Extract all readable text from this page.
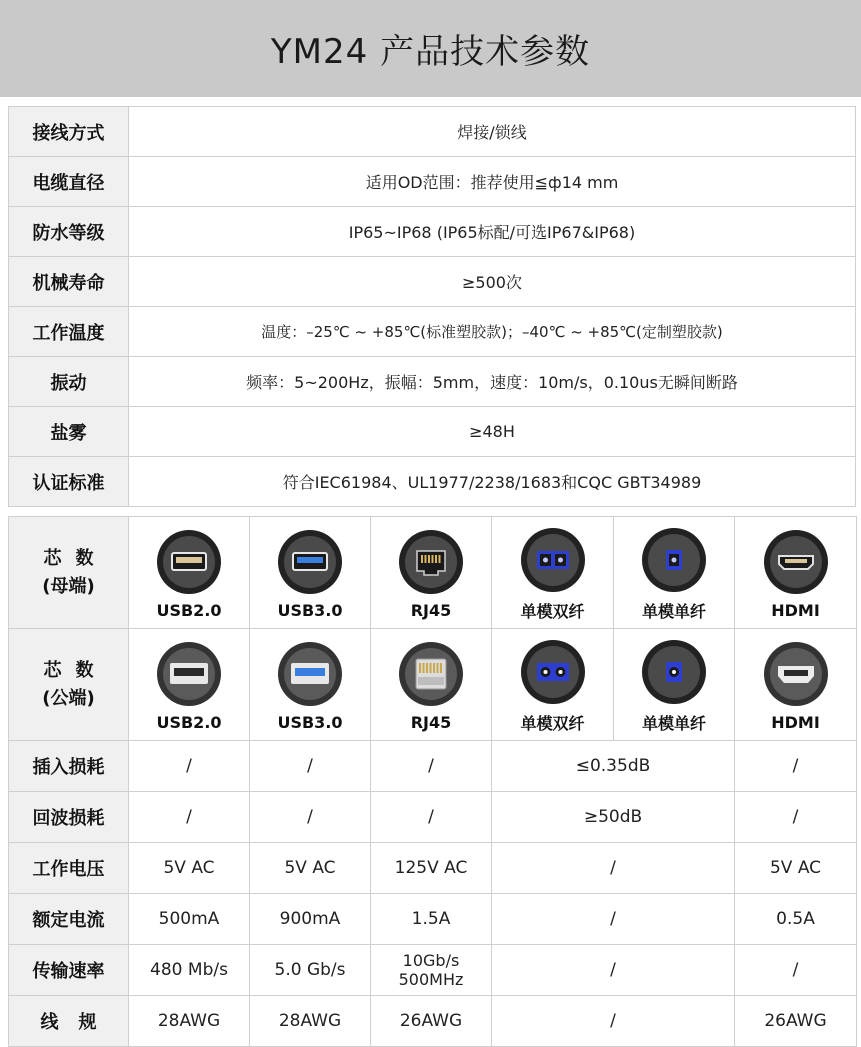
YM24 产品技术参数
接线方式	焊接/锁线
电缆直径	适用OD范围：推荐使用≦ф14 mm
防水等级	IP65~IP68 (IP65标配/可选IP67&IP68)
机械寿命	≥500次
工作温度	温度：–25℃ ~ +85℃(标准塑胶款)；–40℃ ~ +85℃(定制塑胶款)
振动	频率：5~200Hz，振幅：5mm，速度：10m/s，0.10us无瞬间断路
盐雾	≥48H
认证标准	符合IEC61984、UL1977/2238/1683和CQC GBT34989
芯数
(母端)	USB2.0	USB3.0	RJ45	单模双纤	单模单纤	HDMI

芯数
(公端)	USB2.0	USB3.0	RJ45	单模双纤	单模单纤	HDMI

插入损耗	/	/	/	≤0.35dB		/
回波损耗	/	/	/	≥50dB		/
工作电压	5V AC	5V AC	125V AC	/		5V AC
额定电流	500mA	900mA	1.5A	/		0.5A
传输速率	480 Mb/s	5.0 Gb/s	10Gb/s
500MHz	/		/
线规	28AWG	28AWG	26AWG	/		26AWG
